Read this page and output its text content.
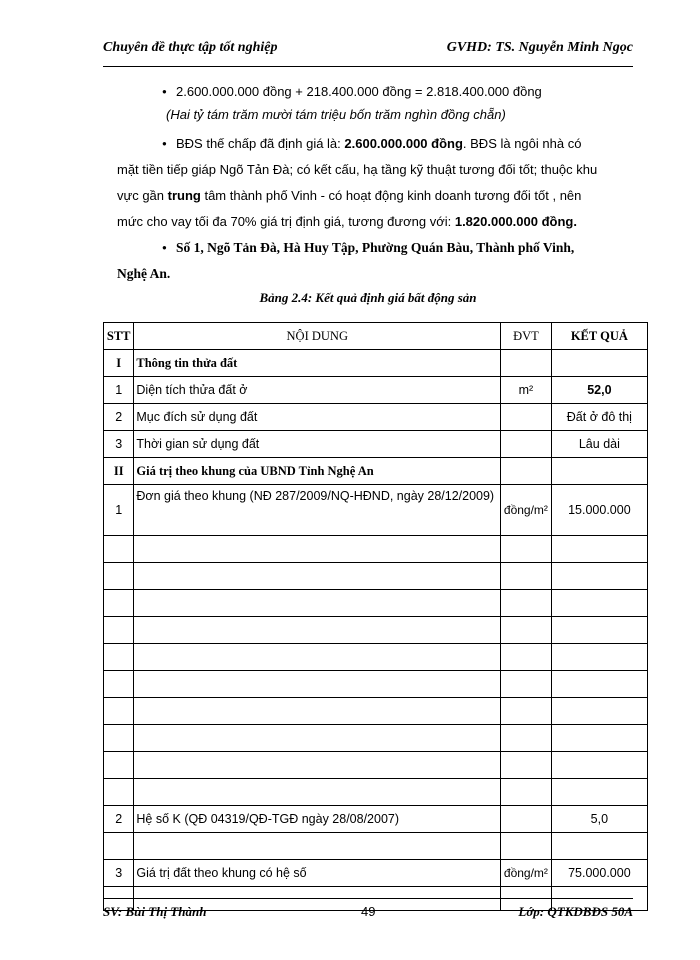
Chuyên đề thực tập tốt nghiệp	GVHD: TS. Nguyễn Minh Ngọc
● 2.600.000.000 đồng + 218.400.000 đồng = 2.818.400.000 đồng
(Hai tỷ tám trăm mười tám triệu bốn trăm nghìn đồng chẵn)
● BĐS thế chấp đã định giá là: 2.600.000.000 đồng. BĐS là ngôi nhà có
mặt tiền tiếp giáp Ngõ Tản Đà; có kết cấu, hạ tầng kỹ thuật tương đối tốt; thuộc khu
vực gần trung tâm thành phố Vinh - có hoạt động kinh doanh tương đối tốt , nên
mức cho vay tối đa 70% giá trị định giá, tương đương với: 1.820.000.000 đồng.
● Số 1, Ngõ Tản Đà, Hà Huy Tập, Phường Quán Bàu, Thành phố Vinh,
Nghệ An.
Bảng 2.4: Kết quả định giá bất động sản
STT	NỘI DUNG	ĐVT	KẾT QUẢ
I	Thông tin thửa đất		
1	Diện tích thửa đất ở	m²	52,0
2	Mục đích sử dụng đất		Đất ở đô thị
3	Thời gian sử dụng đất		Lâu dài
II	Giá trị theo khung của UBND Tỉnh Nghệ An		
1	Đơn giá theo khung (NĐ 287/2009/NQ-HĐND, ngày 28/12/2009)	đồng/m²	15.000.000

2	Hệ số K (QĐ 04319/QĐ-TGĐ ngày 28/08/2007)		5,0

3	Giá trị đất theo khung có hệ số	đồng/m²	75.000.000

SV: Bùi Thị Thành	49	Lớp: QTKDBĐS 50A
